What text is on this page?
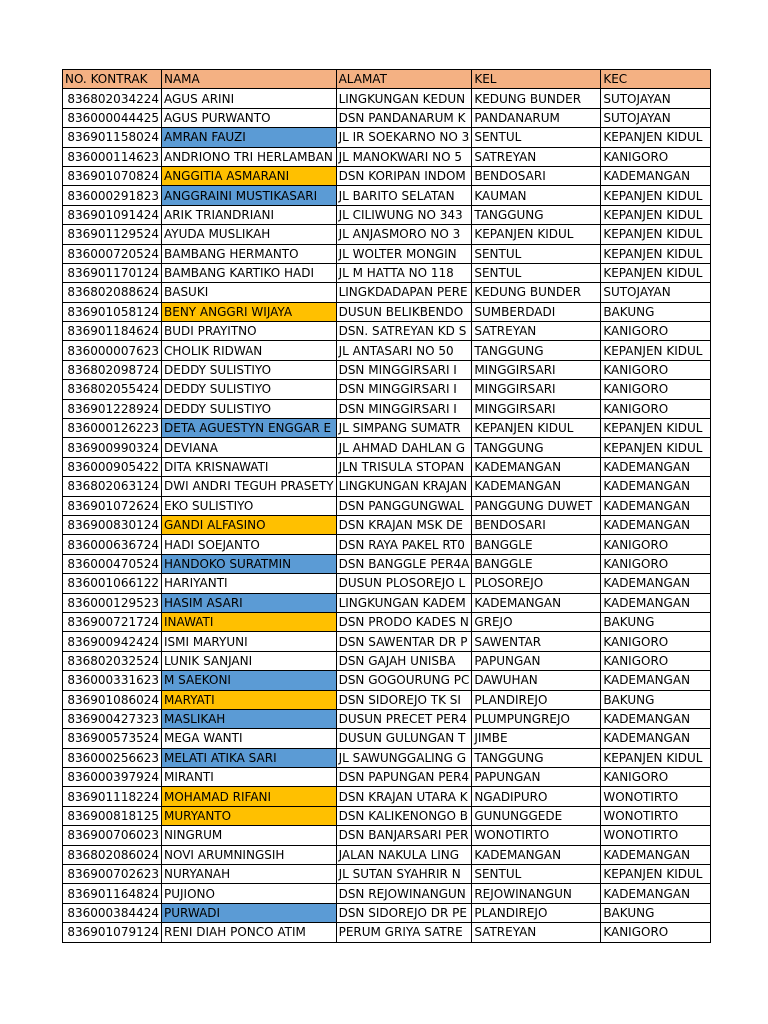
NO. KONTRAK	NAMA	ALAMAT	KEL	KEC
836802034224	AGUS ARINI	LINGKUNGAN KEDUN	KEDUNG BUNDER	SUTOJAYAN
836000044425	AGUS PURWANTO	DSN PANDANARUM K	PANDANARUM	SUTOJAYAN
836901158024	AMRAN FAUZI	JL IR SOEKARNO NO 3	SENTUL	KEPANJEN KIDUL
836000114623	ANDRIONO TRI HERLAMBAN	JL MANOKWARI NO 5	SATREYAN	KANIGORO
836901070824	ANGGITIA ASMARANI	DSN KORIPAN INDOM	BENDOSARI	KADEMANGAN
836000291823	ANGGRAINI MUSTIKASARI	JL BARITO SELATAN	KAUMAN	KEPANJEN KIDUL
836901091424	ARIK TRIANDRIANI	JL CILIWUNG NO 343	TANGGUNG	KEPANJEN KIDUL
836901129524	AYUDA MUSLIKAH	JL ANJASMORO NO 3	KEPANJEN KIDUL	KEPANJEN KIDUL
836000720524	BAMBANG HERMANTO	JL WOLTER MONGIN	SENTUL	KEPANJEN KIDUL
836901170124	BAMBANG KARTIKO HADI	JL M HATTA NO 118	SENTUL	KEPANJEN KIDUL
836802088624	BASUKI	LINGKDADAPAN PERE	KEDUNG BUNDER	SUTOJAYAN
836901058124	BENY ANGGRI WIJAYA	DUSUN BELIKBENDO	SUMBERDADI	BAKUNG
836901184624	BUDI PRAYITNO	DSN. SATREYAN KD S	SATREYAN	KANIGORO
836000007623	CHOLIK RIDWAN	JL ANTASARI NO 50	TANGGUNG	KEPANJEN KIDUL
836802098724	DEDDY SULISTIYO	DSN MINGGIRSARI I	MINGGIRSARI	KANIGORO
836802055424	DEDDY SULISTIYO	DSN MINGGIRSARI I	MINGGIRSARI	KANIGORO
836901228924	DEDDY SULISTIYO	DSN MINGGIRSARI I	MINGGIRSARI	KANIGORO
836000126223	DETA AGUESTYN ENGGAR E	JL SIMPANG SUMATR	KEPANJEN KIDUL	KEPANJEN KIDUL
836900990324	DEVIANA	JL AHMAD DAHLAN G	TANGGUNG	KEPANJEN KIDUL
836000905422	DITA KRISNAWATI	JLN TRISULA STOPAN	KADEMANGAN	KADEMANGAN
836802063124	DWI ANDRI TEGUH PRASETY	LINGKUNGAN KRAJAN	KADEMANGAN	KADEMANGAN
836901072624	EKO SULISTIYO	DSN PANGGUNGWAL	PANGGUNG DUWET	KADEMANGAN
836900830124	GANDI ALFASINO	DSN KRAJAN MSK DE	BENDOSARI	KADEMANGAN
836000636724	HADI SOEJANTO	DSN RAYA PAKEL RT0	BANGGLE	KANIGORO
836000470524	HANDOKO SURATMIN	DSN BANGGLE PER4A	BANGGLE	KANIGORO
836001066122	HARIYANTI	DUSUN PLOSOREJO L	PLOSOREJO	KADEMANGAN
836000129523	HASIM ASARI	LINGKUNGAN KADEM	KADEMANGAN	KADEMANGAN
836900721724	INAWATI	DSN PRODO KADES N	GREJO	BAKUNG
836900942424	ISMI MARYUNI	DSN SAWENTAR DR P	SAWENTAR	KANIGORO
836802032524	LUNIK SANJANI	DSN GAJAH UNISBA	PAPUNGAN	KANIGORO
836000331623	M SAEKONI	DSN GOGOURUNG PC	DAWUHAN	KADEMANGAN
836901086024	MARYATI	DSN SIDOREJO TK SI	PLANDIREJO	BAKUNG
836900427323	MASLIKAH	DUSUN PRECET PER4	PLUMPUNGREJO	KADEMANGAN
836900573524	MEGA WANTI	DUSUN GULUNGAN T	JIMBE	KADEMANGAN
836000256623	MELATI ATIKA SARI	JL SAWUNGGALING G	TANGGUNG	KEPANJEN KIDUL
836000397924	MIRANTI	DSN PAPUNGAN PER4	PAPUNGAN	KANIGORO
836901118224	MOHAMAD RIFANI	DSN KRAJAN UTARA K	NGADIPURO	WONOTIRTO
836900818125	MURYANTO	DSN KALIKENONGO B	GUNUNGGEDE	WONOTIRTO
836900706023	NINGRUM	DSN BANJARSARI PER	WONOTIRTO	WONOTIRTO
836802086024	NOVI ARUMNINGSIH	JALAN NAKULA LING	KADEMANGAN	KADEMANGAN
836900702623	NURYANAH	JL SUTAN SYAHRIR N	SENTUL	KEPANJEN KIDUL
836901164824	PUJIONO	DSN REJOWINANGUN	REJOWINANGUN	KADEMANGAN
836000384424	PURWADI	DSN SIDOREJO DR PE	PLANDIREJO	BAKUNG
836901079124	RENI DIAH PONCO ATIM	PERUM GRIYA SATRE	SATREYAN	KANIGORO
